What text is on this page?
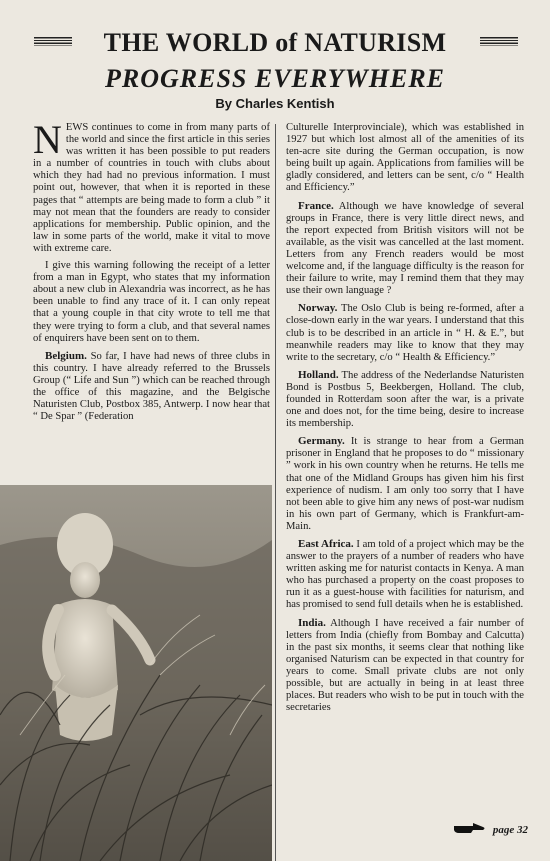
THE WORLD of NATURISM
PROGRESS EVERYWHERE
By Charles Kentish

NEWS continues to come in from many parts of the world and since the first article in this series was written it has been possible to put readers in a number of countries in touch with clubs about which they had had no previous information. I must point out, however, that when it is reported in these pages that “ attempts are being made to form a club ” it may not mean that the founders are ready to consider applications for membership. Public opinion, and the law in some parts of the world, make it vital to move with extreme care.

I give this warning following the receipt of a letter from a man in Egypt, who states that my information about a new club in Alexandria was incorrect, as he has been unable to find any trace of it. I can only repeat that a young couple in that city wrote to tell me that they were trying to form a club, and that several names of enquirers have been sent on to them.

Belgium. So far, I have had news of three clubs in this country. I have already referred to the Brussels Group (“ Life and Sun ”) which can be reached through the office of this magazine, and the Belgische Naturisten Club, Postbox 385, Antwerp. I now hear that “ De Spar ” (Federation

Culturelle Interprovinciale), which was established in 1927 but which lost almost all of the amenities of its ten-acre site during the German occupation, is now being built up again. Applications from families will be gladly considered, and letters can be sent, c/o “ Health and Efficiency.”

France. Although we have knowledge of several groups in France, there is very little direct news, and the report expected from British visitors will not be available, as the visit was cancelled at the last moment. Letters from any French readers would be most welcome and, if the language difficulty is the reason for their failure to write, may I remind them that they may use their own language ?

Norway. The Oslo Club is being re-formed, after a close-down early in the war years. I understand that this club is to be described in an article in “ H. & E.”, but meanwhile readers may like to know that they may write to the secretary, c/o “ Health & Efficiency.”

Holland. The address of the Nederlandse Naturisten Bond is Postbus 5, Beekbergen, Holland. The club, founded in Rotterdam soon after the war, is a private one and does not, for the time being, desire to increase its membership.

Germany. It is strange to hear from a German prisoner in England that he proposes to do “ missionary ” work in his own country when he returns. He tells me that one of the Midland Groups has given him his first experience of nudism. I am only too sorry that I have not been able to give him any news of post-war nudism in his own part of Germany, which is Frankfurt-am-Main.

East Africa. I am told of a project which may be the answer to the prayers of a number of readers who have written asking me for naturist contacts in Kenya. A man who has purchased a property on the coast proposes to run it as a guest-house with facilities for naturism, and has promised to send full details when he is established.

India. Although I have received a fair number of letters from India (chiefly from Bombay and Calcutta) in the past six months, it seems clear that nothing like organised Naturism can be expected in that country for years to come. Small private clubs are not only possible, but are actually in being in at least three places. But readers who wish to be put in touch with the secretaries

page 32
